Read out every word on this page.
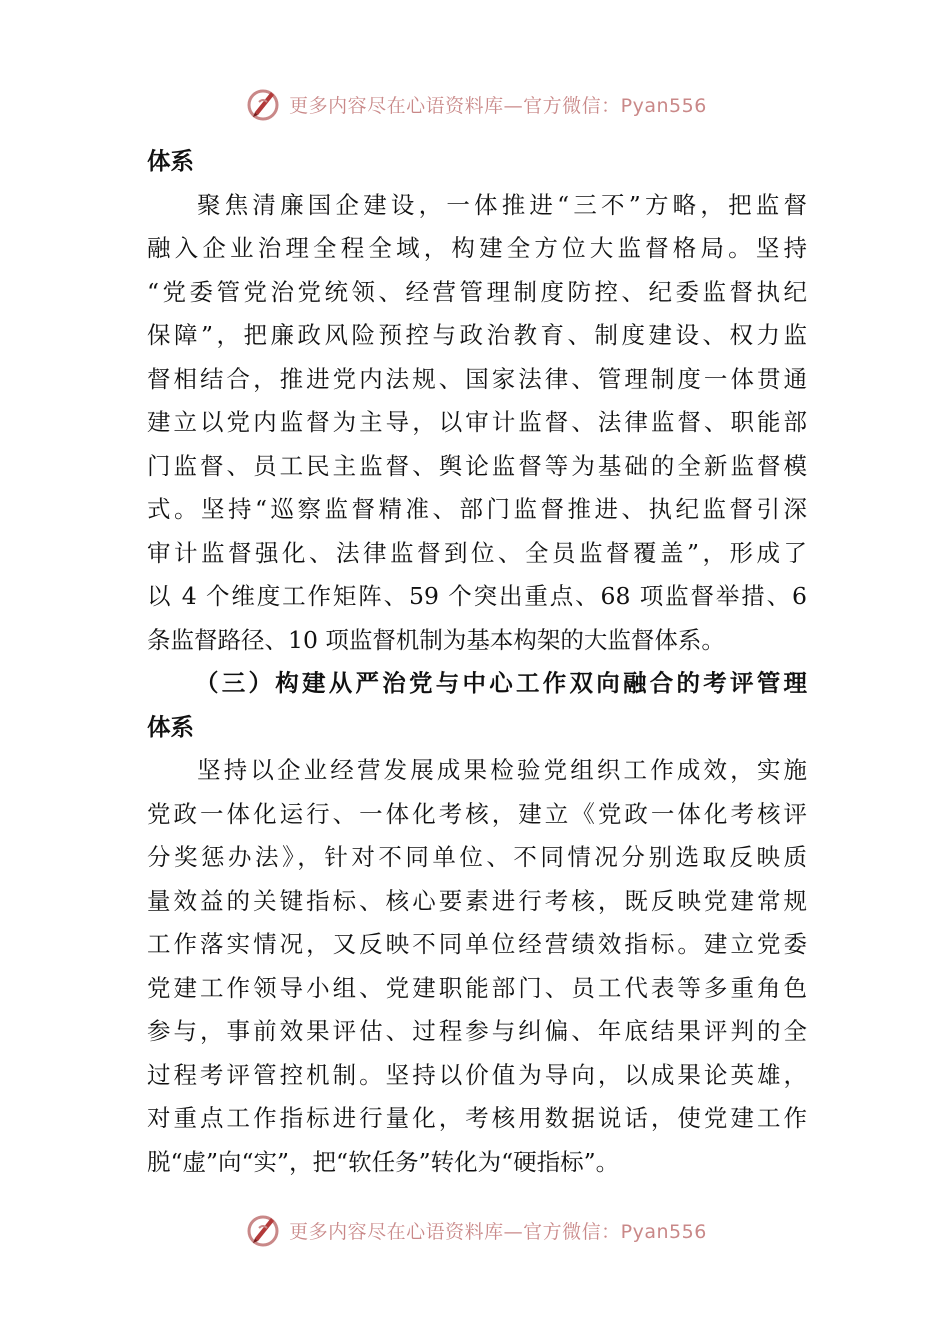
更多内容尽在心语资料库—官方微信：Pyan556
体系
聚焦清廉国企建设，一体推进“三不”方略，把监督
融入企业治理全程全域，构建全方位大监督格局。坚持
“党委管党治党统领、经营管理制度防控、纪委监督执纪
保障”，把廉政风险预控与政治教育、制度建设、权力监
督相结合，推进党内法规、国家法律、管理制度一体贯通
建立以党内监督为主导，以审计监督、法律监督、职能部
门监督、员工民主监督、舆论监督等为基础的全新监督模
式。坚持“巡察监督精准、部门监督推进、执纪监督引深
审计监督强化、法律监督到位、全员监督覆盖”，形成了
以 4 个维度工作矩阵、59 个突出重点、68 项监督举措、6
条监督路径、10 项监督机制为基本构架的大监督体系。
（三）构建从严治党与中心工作双向融合的考评管理
体系
坚持以企业经营发展成果检验党组织工作成效，实施
党政一体化运行、一体化考核，建立《党政一体化考核评
分奖惩办法》，针对不同单位、不同情况分别选取反映质
量效益的关键指标、核心要素进行考核，既反映党建常规
工作落实情况，又反映不同单位经营绩效指标。建立党委
党建工作领导小组、党建职能部门、员工代表等多重角色
参与，事前效果评估、过程参与纠偏、年底结果评判的全
过程考评管控机制。坚持以价值为导向，以成果论英雄，
对重点工作指标进行量化，考核用数据说话，使党建工作
脱“虚”向“实”，把“软任务”转化为“硬指标”。
更多内容尽在心语资料库—官方微信：Pyan556
